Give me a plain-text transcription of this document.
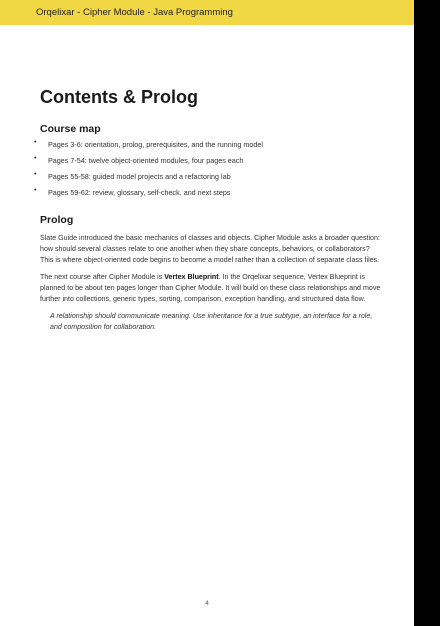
Orqelixar - Cipher Module - Java Programming
Contents & Prolog
Course map
• Pages 3-6: orientation, prolog, prerequisites, and the running model
• Pages 7-54: twelve object-oriented modules, four pages each
• Pages 55-58: guided model projects and a refactoring lab
• Pages 59-62: review, glossary, self-check, and next steps
Prolog

Slate Guide introduced the basic mechanics of classes and objects. Cipher Module asks a broader question: how should several classes relate to one another when they share concepts, behaviors, or collaborators? This is where object-oriented code begins to become a model rather than a collection of separate class files.

The next course after Cipher Module is Vertex Blueprint. In the Orqelixar sequence, Vertex Blueprint is planned to be about ten pages longer than Cipher Module. It will build on these class relationships and move further into collections, generic types, sorting, comparison, exception handling, and structured data flow.

A relationship should communicate meaning. Use inheritance for a true subtype, an interface for a role, and composition for collaboration.

4
